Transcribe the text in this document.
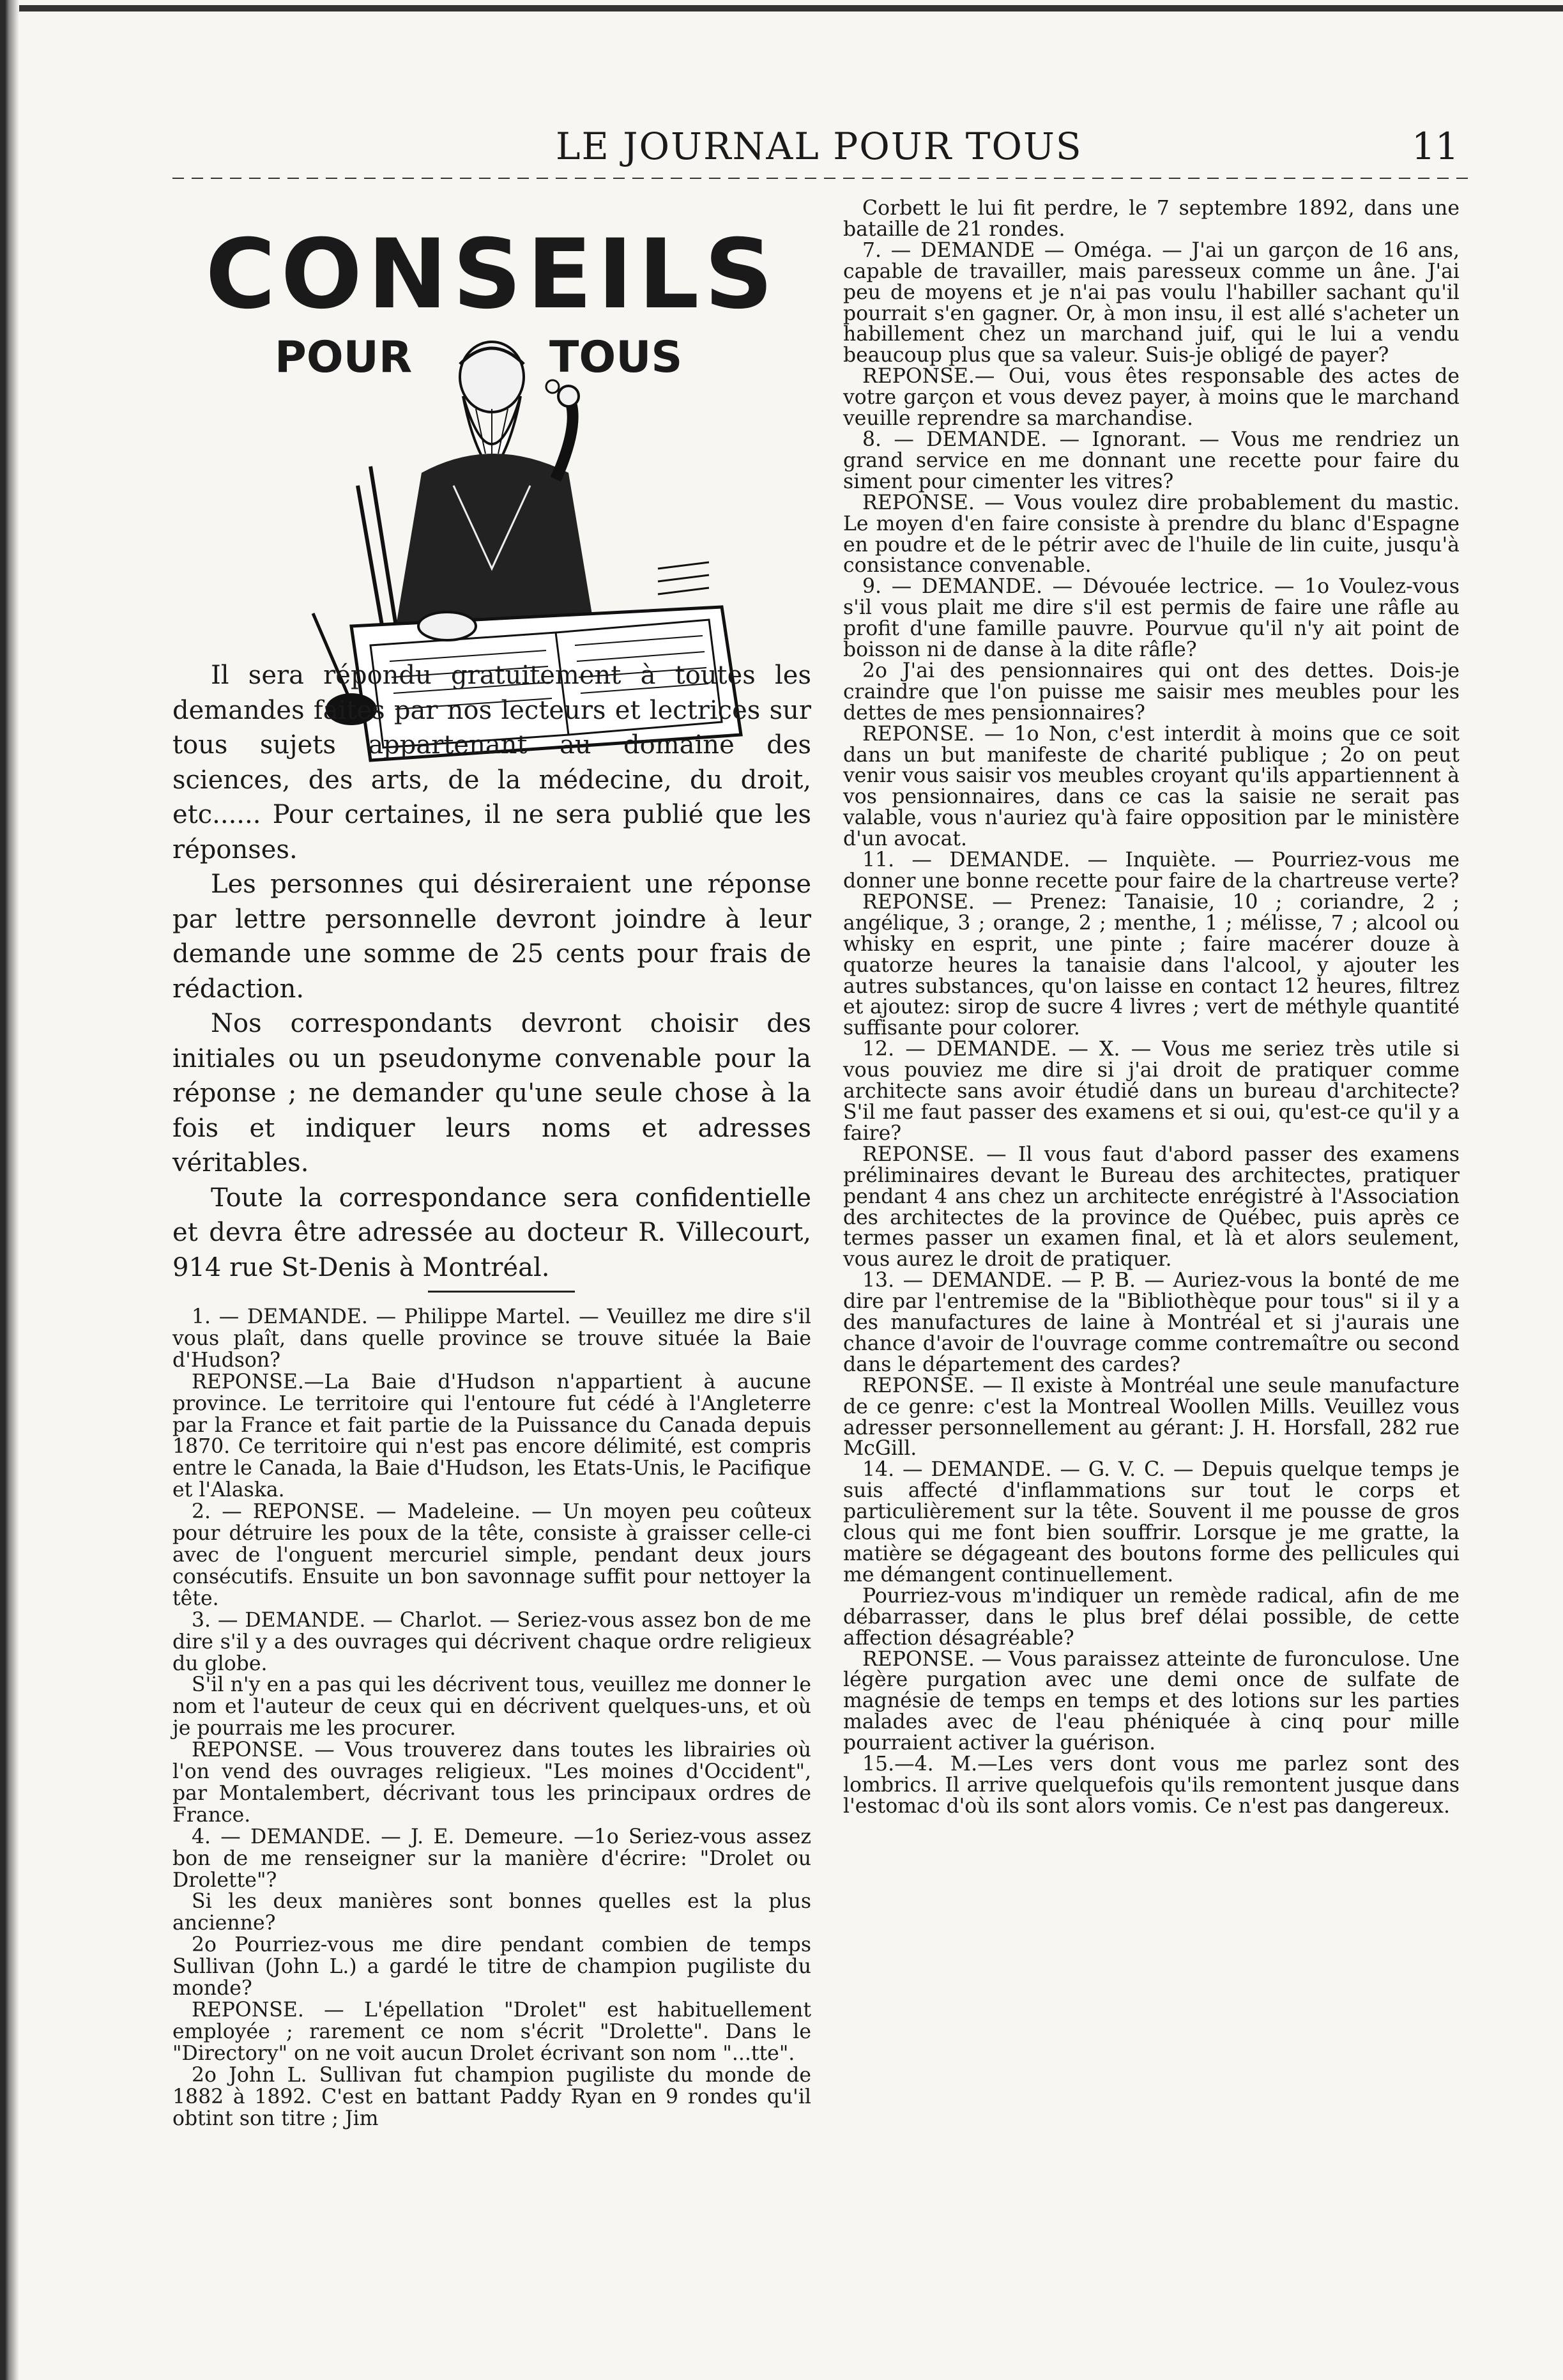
LE JOURNAL POUR TOUS	11
CONSEILS
POUR	TOUS

Il sera répondu gratuitement à toutes les demandes faites par nos lecteurs et lectrices sur tous sujets appartenant au domaine des sciences, des arts, de la médecine, du droit, etc...... Pour certaines, il ne sera publié que les réponses.

Les personnes qui désireraient une réponse par lettre personnelle devront joindre à leur demande une somme de 25 cents pour frais de rédaction.

Nos correspondants devront choisir des initiales ou un pseudonyme convenable pour la réponse ; ne demander qu'une seule chose à la fois et indiquer leurs noms et adresses véritables.

Toute la correspondance sera confidentielle et devra être adressée au docteur R. Villecourt, 914 rue St-Denis à Montréal.

1. — DEMANDE. — Philippe Martel. — Veuillez me dire s'il vous plaît, dans quelle province se trouve située la Baie d'Hudson?

REPONSE.—La Baie d'Hudson n'appartient à aucune province. Le territoire qui l'entoure fut cédé à l'Angleterre par la France et fait partie de la Puissance du Canada depuis 1870. Ce territoire qui n'est pas encore délimité, est compris entre le Canada, la Baie d'Hudson, les Etats-Unis, le Pacifique et l'Alaska.

2. — REPONSE. — Madeleine. — Un moyen peu coûteux pour détruire les poux de la tête, consiste à graisser celle-ci avec de l'onguent mercuriel simple, pendant deux jours consécutifs. Ensuite un bon savonnage suffit pour nettoyer la tête.

3. — DEMANDE. — Charlot. — Seriez-vous assez bon de me dire s'il y a des ouvrages qui décrivent chaque ordre religieux du globe.

S'il n'y en a pas qui les décrivent tous, veuillez me donner le nom et l'auteur de ceux qui en décrivent quelques-uns, et où je pourrais me les procurer.

REPONSE. — Vous trouverez dans toutes les librairies où l'on vend des ouvrages religieux. "Les moines d'Occident", par Montalembert, décrivant tous les principaux ordres de France.

4. — DEMANDE. — J. E. Demeure. —1o Seriez-vous assez bon de me renseigner sur la manière d'écrire: "Drolet ou Drolette"?

Si les deux manières sont bonnes quelles est la plus ancienne?

2o Pourriez-vous me dire pendant combien de temps Sullivan (John L.) a gardé le titre de champion pugiliste du monde?

REPONSE. — L'épellation "Drolet" est habituellement employée ; rarement ce nom s'écrit "Drolette". Dans le "Directory" on ne voit aucun Drolet écrivant son nom "...tte".

2o John L. Sullivan fut champion pugiliste du monde de 1882 à 1892. C'est en battant Paddy Ryan en 9 rondes qu'il obtint son titre ; Jim

Corbett le lui fit perdre, le 7 septembre 1892, dans une bataille de 21 rondes.

7. — DEMANDE — Oméga. — J'ai un garçon de 16 ans, capable de travailler, mais paresseux comme un âne. J'ai peu de moyens et je n'ai pas voulu l'habiller sachant qu'il pourrait s'en gagner. Or, à mon insu, il est allé s'acheter un habillement chez un marchand juif, qui le lui a vendu beaucoup plus que sa valeur. Suis-je obligé de payer?

REPONSE.— Oui, vous êtes responsable des actes de votre garçon et vous devez payer, à moins que le marchand veuille reprendre sa marchandise.

8. — DEMANDE. — Ignorant. — Vous me rendriez un grand service en me donnant une recette pour faire du siment pour cimenter les vitres?

REPONSE. — Vous voulez dire probablement du mastic. Le moyen d'en faire consiste à prendre du blanc d'Espagne en poudre et de le pétrir avec de l'huile de lin cuite, jusqu'à consistance convenable.

9. — DEMANDE. — Dévouée lectrice. — 1o Voulez-vous s'il vous plait me dire s'il est permis de faire une râfle au profit d'une famille pauvre. Pourvue qu'il n'y ait point de boisson ni de danse à la dite râfle?

2o J'ai des pensionnaires qui ont des dettes. Dois-je craindre que l'on puisse me saisir mes meubles pour les dettes de mes pensionnaires?

REPONSE. — 1o Non, c'est interdit à moins que ce soit dans un but manifeste de charité publique ; 2o on peut venir vous saisir vos meubles croyant qu'ils appartiennent à vos pensionnaires, dans ce cas la saisie ne serait pas valable, vous n'auriez qu'à faire opposition par le ministère d'un avocat.

11. — DEMANDE. — Inquiète. — Pourriez-vous me donner une bonne recette pour faire de la chartreuse verte?

REPONSE. — Prenez: Tanaisie, 10 ; coriandre, 2 ; angélique, 3 ; orange, 2 ; menthe, 1 ; mélisse, 7 ; alcool ou whisky en esprit, une pinte ; faire macérer douze à quatorze heures la tanaisie dans l'alcool, y ajouter les autres substances, qu'on laisse en contact 12 heures, filtrez et ajoutez: sirop de sucre 4 livres ; vert de méthyle quantité suffisante pour colorer.

12. — DEMANDE. — X. — Vous me seriez très utile si vous pouviez me dire si j'ai droit de pratiquer comme architecte sans avoir étudié dans un bureau d'architecte? S'il me faut passer des examens et si oui, qu'est-ce qu'il y a faire?

REPONSE. — Il vous faut d'abord passer des examens préliminaires devant le Bureau des architectes, pratiquer pendant 4 ans chez un architecte enrégistré à l'Association des architectes de la province de Québec, puis après ce termes passer un examen final, et là et alors seulement, vous aurez le droit de pratiquer.

13. — DEMANDE. — P. B. — Auriez-vous la bonté de me dire par l'entremise de la "Bibliothèque pour tous" si il y a des manufactures de laine à Montréal et si j'aurais une chance d'avoir de l'ouvrage comme contremaître ou second dans le département des cardes?

REPONSE. — Il existe à Montréal une seule manufacture de ce genre: c'est la Montreal Woollen Mills. Veuillez vous adresser personnellement au gérant: J. H. Horsfall, 282 rue McGill.

14. — DEMANDE. — G. V. C. — Depuis quelque temps je suis affecté d'inflammations sur tout le corps et particulièrement sur la tête. Souvent il me pousse de gros clous qui me font bien souffrir. Lorsque je me gratte, la matière se dégageant des boutons forme des pellicules qui me démangent continuellement.

Pourriez-vous m'indiquer un remède radical, afin de me débarrasser, dans le plus bref délai possible, de cette affection désagréable?

REPONSE. — Vous paraissez atteinte de furonculose. Une légère purgation avec une demi once de sulfate de magnésie de temps en temps et des lotions sur les parties malades avec de l'eau phéniquée à cinq pour mille pourraient activer la guérison.

15.—4. M.—Les vers dont vous me parlez sont des lombrics. Il arrive quelquefois qu'ils remontent jusque dans l'estomac d'où ils sont alors vomis. Ce n'est pas dangereux.
